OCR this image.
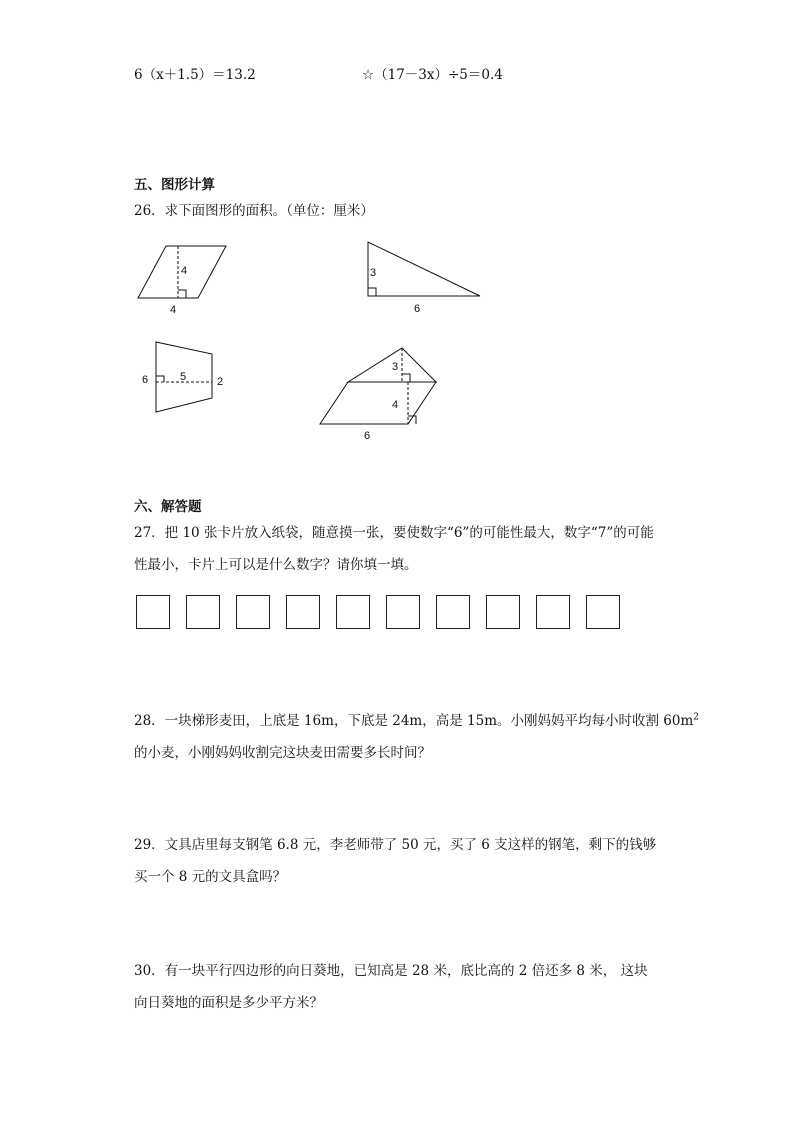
6（x＋1.5）＝13.2	☆（17－3x）÷5＝0.4
五、图形计算
26．求下面图形的面积。（单位：厘米）
4
4
3
6
6	5	2
3
4
6
六、解答题
27．把 10 张卡片放入纸袋，随意摸一张，要使数字“6”的可能性最大，数字“7”的可能
性最小，卡片上可以是什么数字？请你填一填。
28．一块梯形麦田，上底是 16m，下底是 24m，高是 15m。小刚妈妈平均每小时收割 $60m^2$
的小麦，小刚妈妈收割完这块麦田需要多长时间？
29．文具店里每支钢笔 6.8 元，李老师带了 50 元，买了 6 支这样的钢笔，剩下的钱够
买一个 8 元的文具盒吗？
30．有一块平行四边形的向日葵地，已知高是 28 米，底比高的 2 倍还多 8 米， 这块
向日葵地的面积是多少平方米？
